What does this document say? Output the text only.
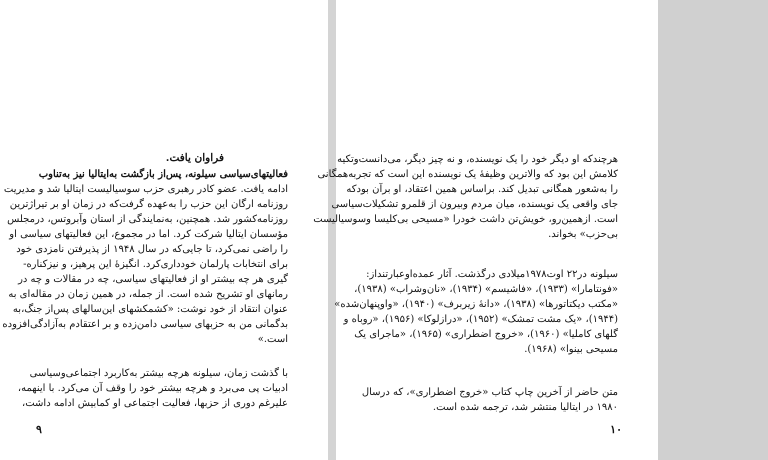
فراوان یافت.
فعالیتهای‌سیاسی سیلونه، پس‌از بازگشت به‌ایتالیا نیز به‌تناوب
ادامه یافت. عضو کادر رهبری حزب سوسیالیست ایتالیا شد و مدیریت
روزنامه ارگان این حزب را به‌عهده گرفت‌که در زمان او بر تیراژترین
روزنامه‌کشور شد. همچنین، به‌نمایندگی از استان وآبروتس، درمجلس
مؤسسان ایتالیا شرکت کرد. اما در مجموع، این فعالیتهای سیاسی او
را راضی نمی‌کرد، تا جایی‌که در سال ۱۹۴۸ از پذیرفتن نامزدی خود
برای انتخابات پارلمان خودداری‌کرد. انگیزهٔ این پرهیز، و نیزکناره-
گیری هر چه بیشتر او از فعالیتهای سیاسی، چه در مقالات و چه در
رمانهای او تشریح شده است. از جمله، در همین زمان در مقاله‌ای به
عنوان انتقاد از خود نوشت: «کشمکشهای این‌سالهای پس‌از جنگ،به
بدگمانی من به حزبهای سیاسی دامن‌زده و بر اعتقادم به‌آزادگی‌افزوده
است.»
با گذشت زمان، سیلونه هرچه بیشتر به‌کاربرد اجتماعی‌وسیاسی
ادبیات پی می‌برد و هرچه بیشتر خود را وقف آن می‌کرد. با اینهمه،
علیرغم دوری از حزبها، فعالیت اجتماعی او کمابیش ادامه داشت،
۹
هرچندکه او دیگر خود را یک نویسنده، و نه چیز دیگر، می‌دانست‌وتکیه
کلامش این بود که والاترین وظیفهٔ یک نویسنده این است که تجربه‌همگانی
را به‌شعور همگانی تبدیل کند. براساس همین اعتقاد، او برآن بودکه
جای واقعی یک نویسنده، میان مردم وبیرون از قلمرو تشکیلات‌سیاسی
است. ازهمین‌رو، خویش‌تن داشت خودرا «مسیحی بی‌کلیسا وسوسیالیست
بی‌حزب» بخواند.
سیلونه در۲۲ اوت۱۹۷۸میلادی درگذشت. آثار عمده‌اوعبارتنداز:
«فونتامارا» (۱۹۳۳)، «فاشیسم» (۱۹۳۴)، «نان‌وشراب» (۱۹۳۸)،
«مکتب دیکتاتورها» (۱۹۳۸)، «دانهٔ زیربرف» (۱۹۴۰)، «واوپنهان‌شده»
(۱۹۴۴)، «یک مشت تمشک» (۱۹۵۲)، «درازلوکا» (۱۹۵۶)، «روباه و
گلهای کاملیا» (۱۹۶۰)، «خروج اضطراری» (۱۹۶۵)، «ماجرای یک
مسیحی بینوا» (۱۹۶۸).
متن حاضر از آخرین چاپ کتاب «خروج اضطراری»، که درسال
۱۹۸۰ در ایتالیا منتشر شد، ترجمه شده است.
۱۰
